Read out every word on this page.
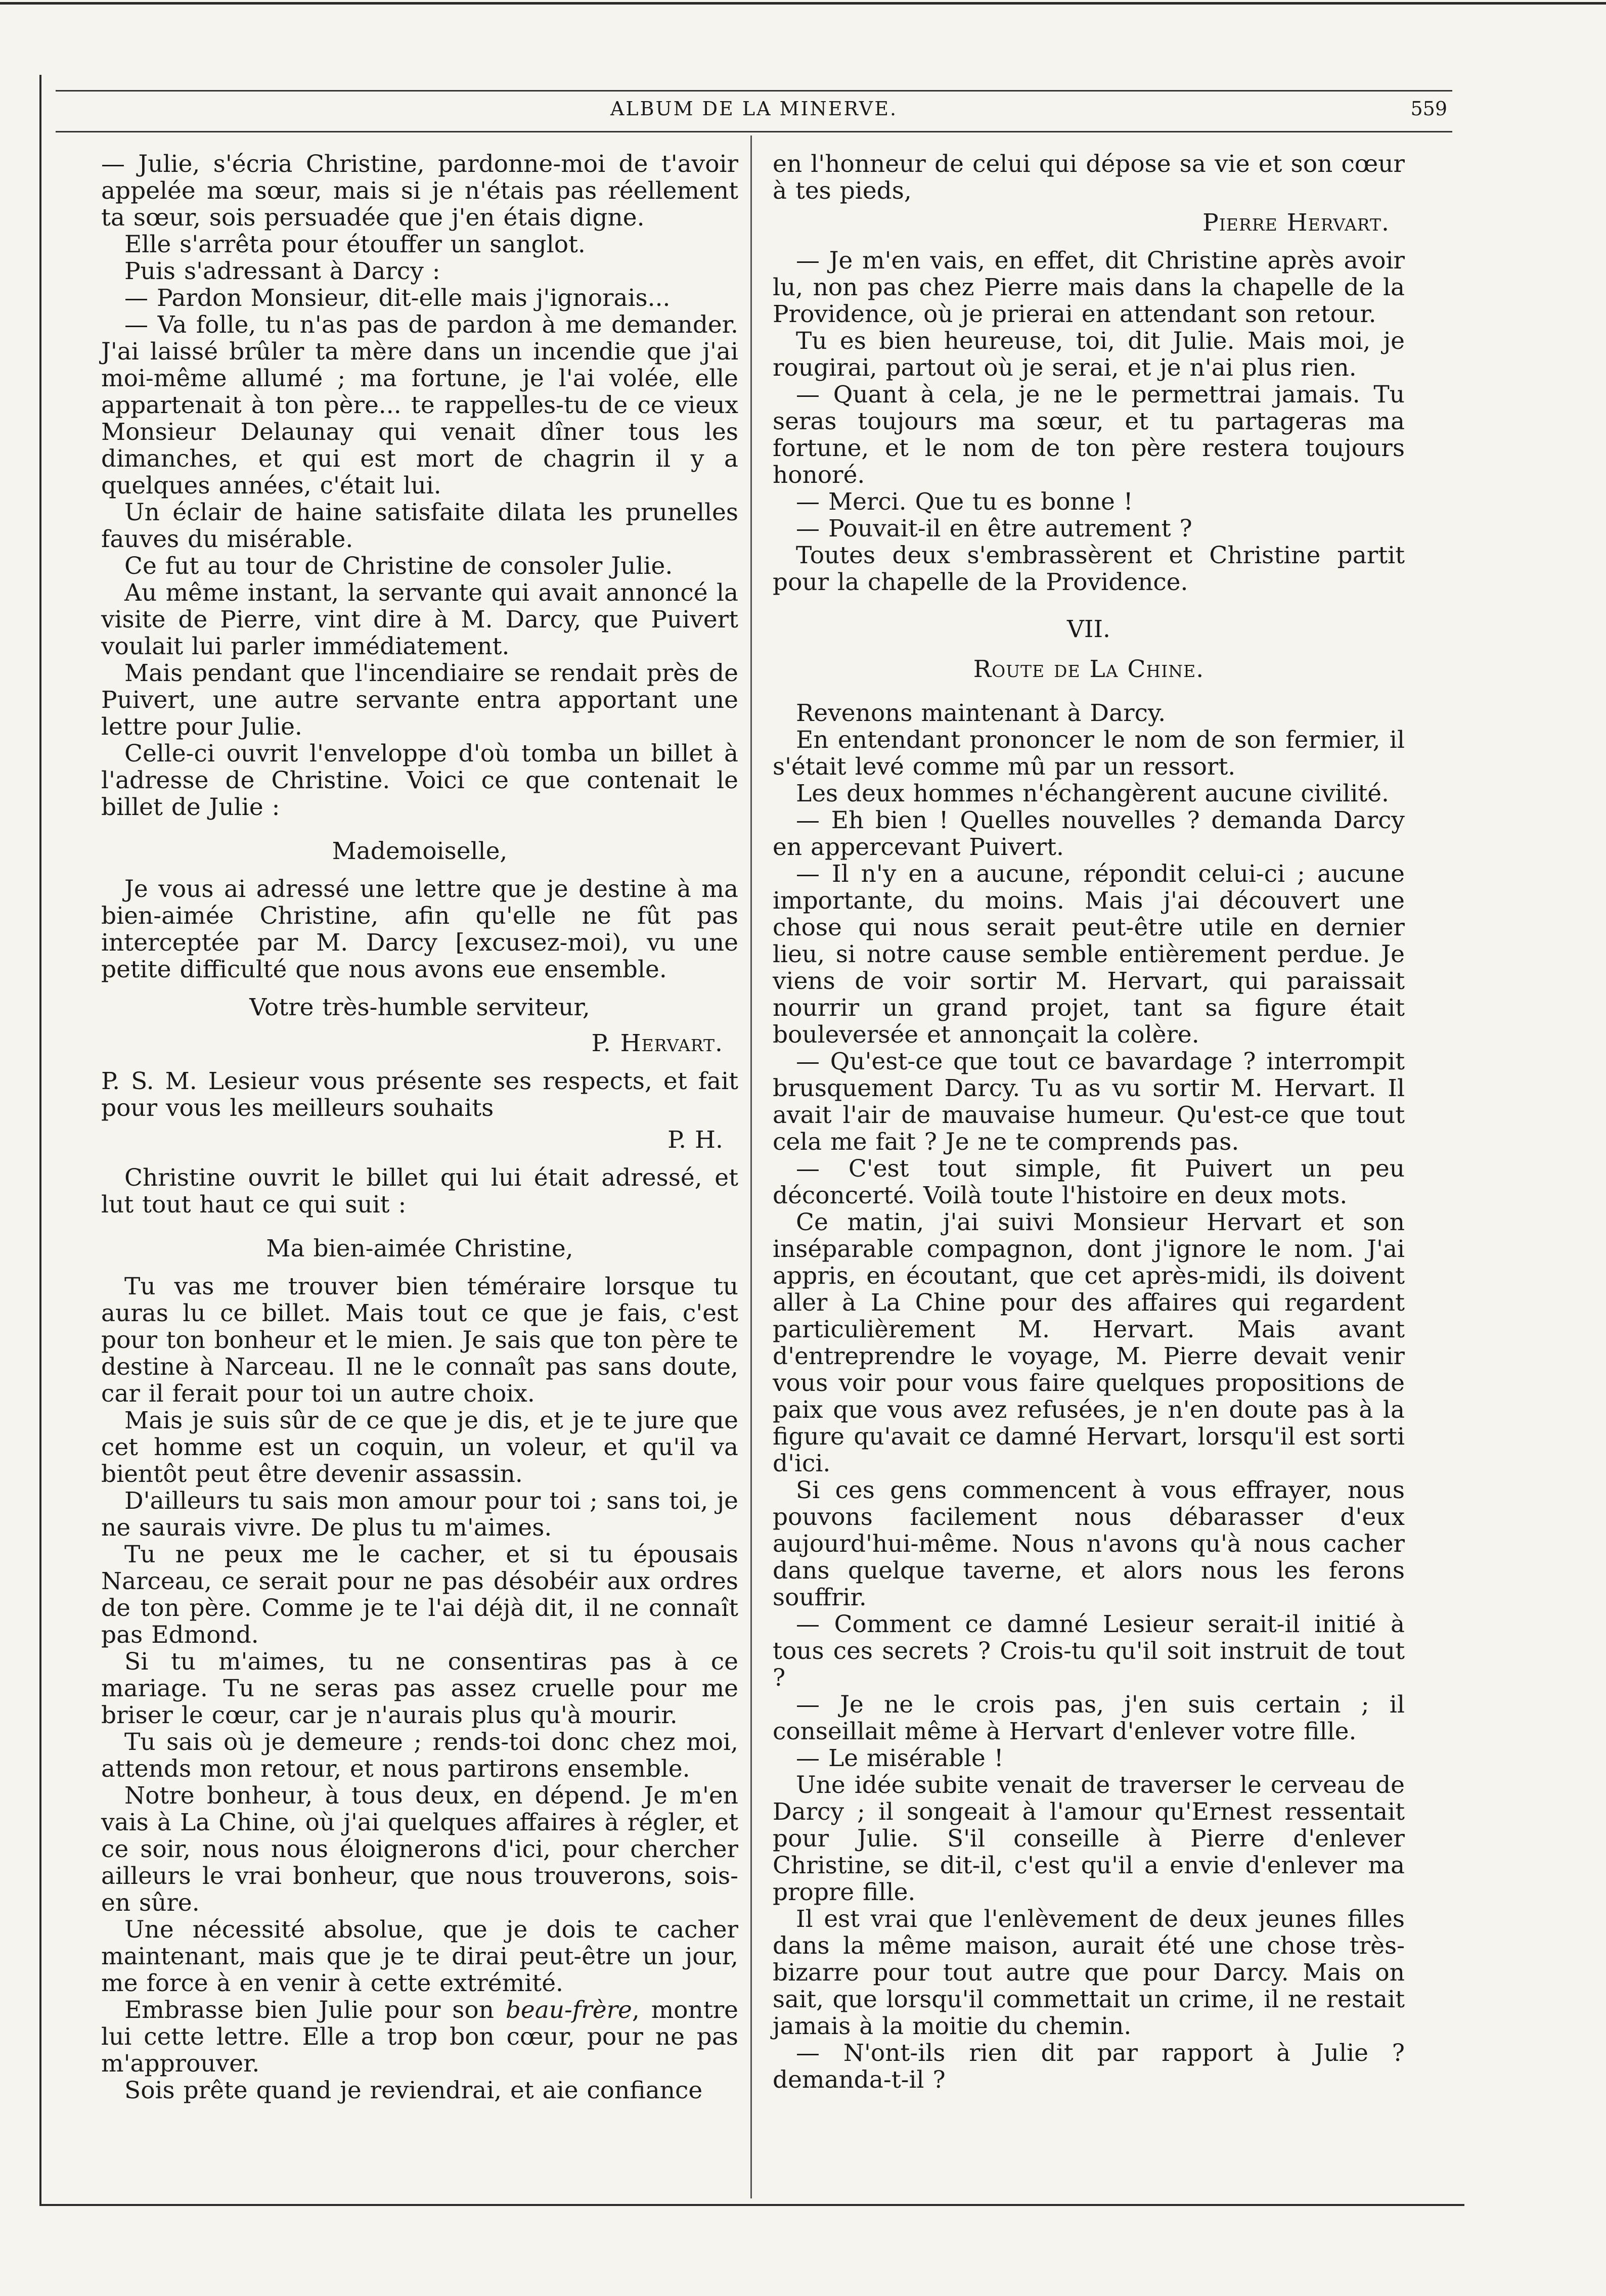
ALBUM DE LA MINERVE.	559

— Julie, s'écria Christine, pardonne-moi de t'avoir appelée ma sœur, mais si je n'étais pas réellement ta sœur, sois persuadée que j'en étais digne.

Elle s'arrêta pour étouffer un sanglot.

Puis s'adressant à Darcy :

— Pardon Monsieur, dit-elle mais j'ignorais...

— Va folle, tu n'as pas de pardon à me demander. J'ai laissé brûler ta mère dans un incendie que j'ai moi-même allumé ; ma fortune, je l'ai volée, elle appartenait à ton père... te rappelles-tu de ce vieux Monsieur Delaunay qui venait dîner tous les dimanches, et qui est mort de chagrin il y a quelques années, c'était lui.

Un éclair de haine satisfaite dilata les prunelles fauves du misérable.

Ce fut au tour de Christine de consoler Julie.

Au même instant, la servante qui avait annoncé la visite de Pierre, vint dire à M. Darcy, que Puivert voulait lui parler immédiatement.

Mais pendant que l'incendiaire se rendait près de Puivert, une autre servante entra apportant une lettre pour Julie.

Celle-ci ouvrit l'enveloppe d'où tomba un billet à l'adresse de Christine. Voici ce que contenait le billet de Julie :

Mademoiselle,

Je vous ai adressé une lettre que je destine à ma bien-aimée Christine, afin qu'elle ne fût pas interceptée par M. Darcy [excusez-moi), vu une petite difficulté que nous avons eue ensemble.

Votre très-humble serviteur,

P. Hervart.

P. S. M. Lesieur vous présente ses respects, et fait pour vous les meilleurs souhaits

P. H.

Christine ouvrit le billet qui lui était adressé, et lut tout haut ce qui suit :

Ma bien-aimée Christine,

Tu vas me trouver bien téméraire lorsque tu auras lu ce billet. Mais tout ce que je fais, c'est pour ton bonheur et le mien. Je sais que ton père te destine à Narceau. Il ne le connaît pas sans doute, car il ferait pour toi un autre choix.

Mais je suis sûr de ce que je dis, et je te jure que cet homme est un coquin, un voleur, et qu'il va bientôt peut être devenir assassin.

D'ailleurs tu sais mon amour pour toi ; sans toi, je ne saurais vivre. De plus tu m'aimes.

Tu ne peux me le cacher, et si tu épousais Narceau, ce serait pour ne pas désobéir aux ordres de ton père. Comme je te l'ai déjà dit, il ne connaît pas Edmond.

Si tu m'aimes, tu ne consentiras pas à ce mariage. Tu ne seras pas assez cruelle pour me briser le cœur, car je n'aurais plus qu'à mourir.

Tu sais où je demeure ; rends-toi donc chez moi, attends mon retour, et nous partirons ensemble.

Notre bonheur, à tous deux, en dépend. Je m'en vais à La Chine, où j'ai quelques affaires à régler, et ce soir, nous nous éloignerons d'ici, pour chercher ailleurs le vrai bonheur, que nous trouverons, sois-en sûre.

Une nécessité absolue, que je dois te cacher maintenant, mais que je te dirai peut-être un jour, me force à en venir à cette extrémité.

Embrasse bien Julie pour son beau-frère, montre lui cette lettre. Elle a trop bon cœur, pour ne pas m'approuver.

Sois prête quand je reviendrai, et aie confiance

en l'honneur de celui qui dépose sa vie et son cœur à tes pieds,

Pierre Hervart.

— Je m'en vais, en effet, dit Christine après avoir lu, non pas chez Pierre mais dans la chapelle de la Providence, où je prierai en attendant son retour.

Tu es bien heureuse, toi, dit Julie. Mais moi, je rougirai, partout où je serai, et je n'ai plus rien.

— Quant à cela, je ne le permettrai jamais. Tu seras toujours ma sœur, et tu partageras ma fortune, et le nom de ton père restera toujours honoré.

— Merci. Que tu es bonne !

— Pouvait-il en être autrement ?

Toutes deux s'embrassèrent et Christine partit pour la chapelle de la Providence.

VII.

Route de La Chine.

Revenons maintenant à Darcy.

En entendant prononcer le nom de son fermier, il s'était levé comme mû par un ressort.

Les deux hommes n'échangèrent aucune civilité.

— Eh bien ! Quelles nouvelles ? demanda Darcy en appercevant Puivert.

— Il n'y en a aucune, répondit celui-ci ; aucune importante, du moins. Mais j'ai découvert une chose qui nous serait peut-être utile en dernier lieu, si notre cause semble entièrement perdue. Je viens de voir sortir M. Hervart, qui paraissait nourrir un grand projet, tant sa figure était bouleversée et annonçait la colère.

— Qu'est-ce que tout ce bavardage ? interrompit brusquement Darcy. Tu as vu sortir M. Hervart. Il avait l'air de mauvaise humeur. Qu'est-ce que tout cela me fait ? Je ne te comprends pas.

— C'est tout simple, fit Puivert un peu déconcerté. Voilà toute l'histoire en deux mots.

Ce matin, j'ai suivi Monsieur Hervart et son inséparable compagnon, dont j'ignore le nom. J'ai appris, en écoutant, que cet après-midi, ils doivent aller à La Chine pour des affaires qui regardent particulièrement M. Hervart. Mais avant d'entreprendre le voyage, M. Pierre devait venir vous voir pour vous faire quelques propositions de paix que vous avez refusées, je n'en doute pas à la figure qu'avait ce damné Hervart, lorsqu'il est sorti d'ici.

Si ces gens commencent à vous effrayer, nous pouvons facilement nous débarasser d'eux aujourd'hui-même. Nous n'avons qu'à nous cacher dans quelque taverne, et alors nous les ferons souffrir.

— Comment ce damné Lesieur serait-il initié à tous ces secrets ? Crois-tu qu'il soit instruit de tout ?

— Je ne le crois pas, j'en suis certain ; il conseillait même à Hervart d'enlever votre fille.

— Le misérable !

Une idée subite venait de traverser le cerveau de Darcy ; il songeait à l'amour qu'Ernest ressentait pour Julie. S'il conseille à Pierre d'enlever Christine, se dit-il, c'est qu'il a envie d'enlever ma propre fille.

Il est vrai que l'enlèvement de deux jeunes filles dans la même maison, aurait été une chose très-bizarre pour tout autre que pour Darcy. Mais on sait, que lorsqu'il commettait un crime, il ne restait jamais à la moitie du chemin.

— N'ont-ils rien dit par rapport à Julie ? demanda-t-il ?
